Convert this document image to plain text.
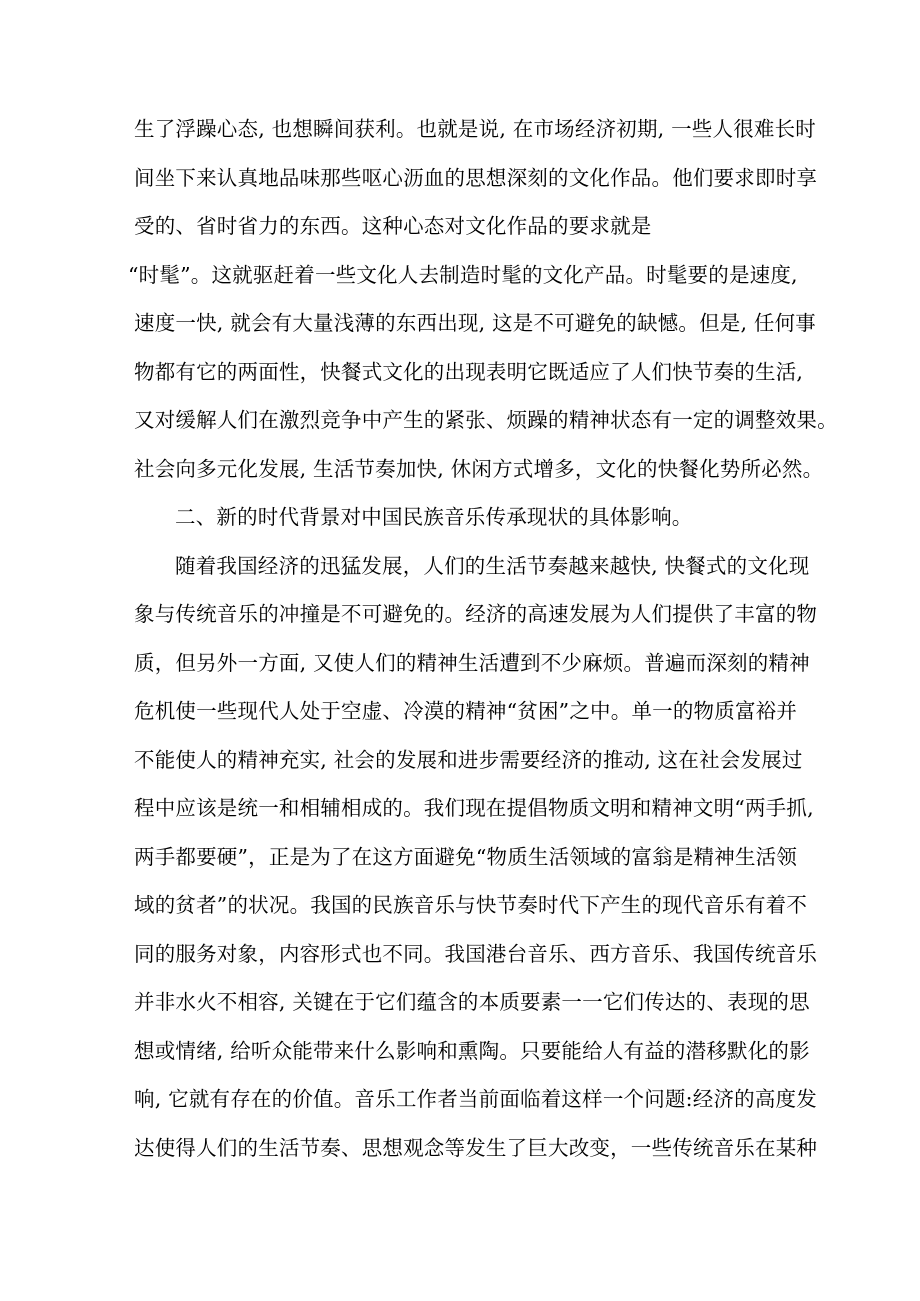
生了浮躁心态, 也想瞬间获利。也就是说, 在市场经济初期, 一些人很难长时
间坐下来认真地品味那些呕心沥血的思想深刻的文化作品。他们要求即时享
受的、省时省力的东西。这种心态对文化作品的要求就是
“时髦”。这就驱赶着一些文化人去制造时髦的文化产品。时髦要的是速度,
速度一快, 就会有大量浅薄的东西出现, 这是不可避免的缺憾。但是, 任何事
物都有它的两面性，快餐式文化的出现表明它既适应了人们快节奏的生活,
又对缓解人们在激烈竞争中产生的紧张、烦躁的精神状态有一定的调整效果。
社会向多元化发展, 生活节奏加快, 休闲方式增多，文化的快餐化势所必然。
二、新的时代背景对中国民族音乐传承现状的具体影响。
随着我国经济的迅猛发展，人们的生活节奏越来越快, 快餐式的文化现
象与传统音乐的冲撞是不可避免的。经济的高速发展为人们提供了丰富的物
质，但另外一方面, 又使人们的精神生活遭到不少麻烦。普遍而深刻的精神
危机使一些现代人处于空虚、冷漠的精神“贫困”之中。单一的物质富裕并
不能使人的精神充实, 社会的发展和进步需要经济的推动, 这在社会发展过
程中应该是统一和相辅相成的。我们现在提倡物质文明和精神文明“两手抓,
两手都要硬”，正是为了在这方面避免“物质生活领域的富翁是精神生活领
域的贫者”的状况。我国的民族音乐与快节奏时代下产生的现代音乐有着不
同的服务对象，内容形式也不同。我国港台音乐、西方音乐、我国传统音乐
并非水火不相容, 关键在于它们蕴含的本质要素一一它们传达的、表现的思
想或情绪, 给听众能带来什么影响和熏陶。只要能给人有益的潜移默化的影
响, 它就有存在的价值。音乐工作者当前面临着这样一个问题:经济的高度发
达使得人们的生活节奏、思想观念等发生了巨大改变，一些传统音乐在某种
